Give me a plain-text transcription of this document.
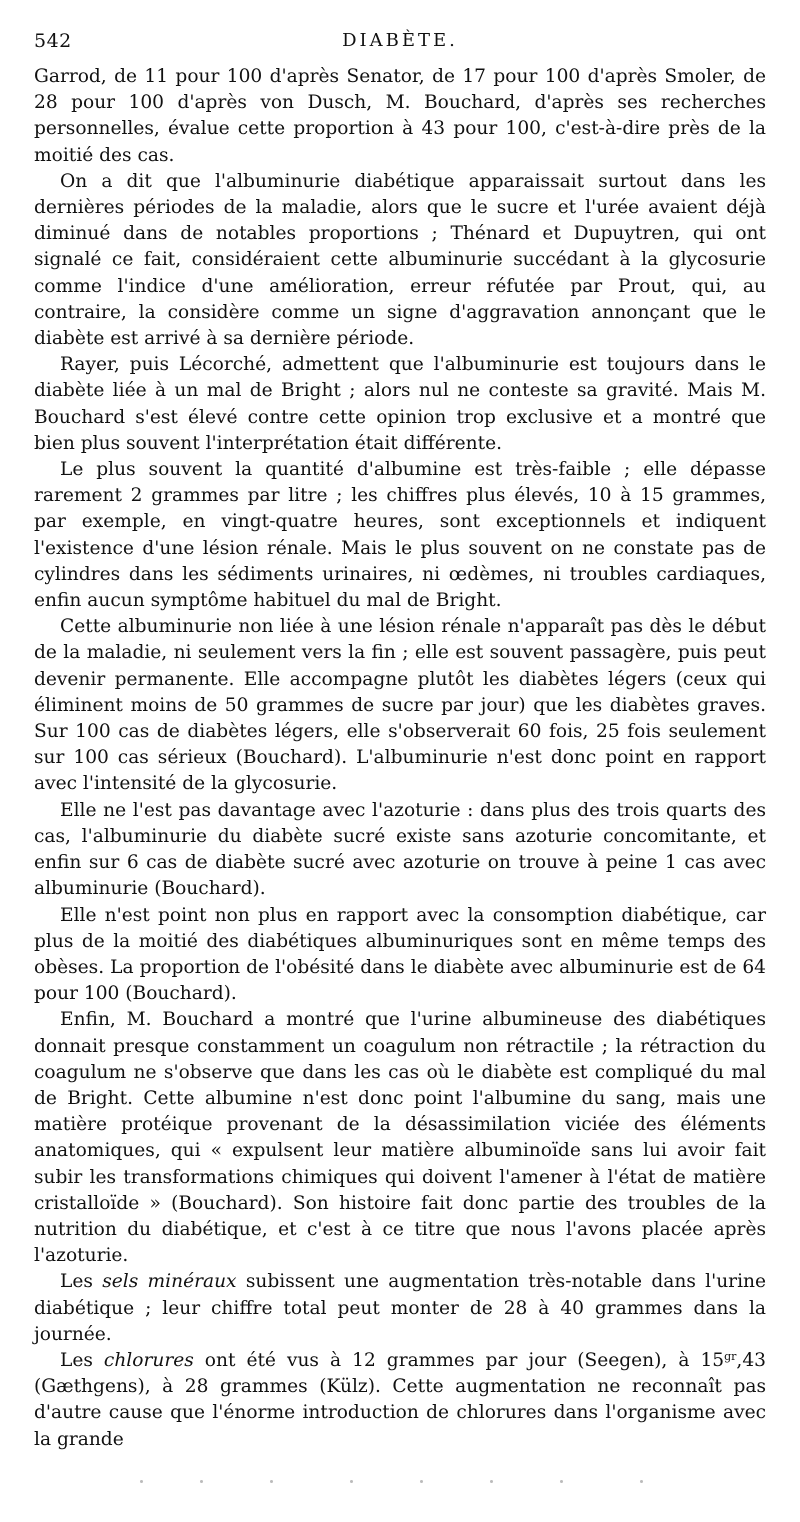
542	DIABÈTE.

Garrod, de 11 pour 100 d'après Senator, de 17 pour 100 d'après Smoler, de 28 pour 100 d'après von Dusch, M. Bouchard, d'après ses recherches personnelles, évalue cette proportion à 43 pour 100, c'est-à-dire près de la moitié des cas.

On a dit que l'albuminurie diabétique apparaissait surtout dans les dernières périodes de la maladie, alors que le sucre et l'urée avaient déjà diminué dans de notables proportions ; Thénard et Dupuytren, qui ont signalé ce fait, considéraient cette albuminurie succédant à la glycosurie comme l'indice d'une amélioration, erreur réfutée par Prout, qui, au contraire, la considère comme un signe d'aggravation annonçant que le diabète est arrivé à sa dernière période.

Rayer, puis Lécorché, admettent que l'albuminurie est toujours dans le diabète liée à un mal de Bright ; alors nul ne conteste sa gravité. Mais M. Bouchard s'est élevé contre cette opinion trop exclusive et a montré que bien plus souvent l'interprétation était différente.

Le plus souvent la quantité d'albumine est très-faible ; elle dépasse rarement 2 grammes par litre ; les chiffres plus élevés, 10 à 15 grammes, par exemple, en vingt-quatre heures, sont exceptionnels et indiquent l'existence d'une lésion rénale. Mais le plus souvent on ne constate pas de cylindres dans les sédiments urinaires, ni œdèmes, ni troubles cardiaques, enfin aucun symptôme habituel du mal de Bright.

Cette albuminurie non liée à une lésion rénale n'apparaît pas dès le début de la maladie, ni seulement vers la fin ; elle est souvent passagère, puis peut devenir permanente. Elle accompagne plutôt les diabètes légers (ceux qui éliminent moins de 50 grammes de sucre par jour) que les diabètes graves. Sur 100 cas de diabètes légers, elle s'observerait 60 fois, 25 fois seulement sur 100 cas sérieux (Bouchard). L'albuminurie n'est donc point en rapport avec l'intensité de la glycosurie.

Elle ne l'est pas davantage avec l'azoturie : dans plus des trois quarts des cas, l'albuminurie du diabète sucré existe sans azoturie concomitante, et enfin sur 6 cas de diabète sucré avec azoturie on trouve à peine 1 cas avec albuminurie (Bouchard).

Elle n'est point non plus en rapport avec la consomption diabétique, car plus de la moitié des diabétiques albuminuriques sont en même temps des obèses. La proportion de l'obésité dans le diabète avec albuminurie est de 64 pour 100 (Bouchard).

Enfin, M. Bouchard a montré que l'urine albumineuse des diabétiques donnait presque constamment un coagulum non rétractile ; la rétraction du coagulum ne s'observe que dans les cas où le diabète est compliqué du mal de Bright. Cette albumine n'est donc point l'albumine du sang, mais une matière protéique provenant de la désassimilation viciée des éléments anatomiques, qui « expulsent leur matière albuminoïde sans lui avoir fait subir les transformations chimiques qui doivent l'amener à l'état de matière cristalloïde » (Bouchard). Son histoire fait donc partie des troubles de la nutrition du diabétique, et c'est à ce titre que nous l'avons placée après l'azoturie.

Les sels minéraux subissent une augmentation très-notable dans l'urine diabétique ; leur chiffre total peut monter de 28 à 40 grammes dans la journée.

Les chlorures ont été vus à 12 grammes par jour (Seegen), à $15^{gr},43$ (Gæthgens), à 28 grammes (Külz). Cette augmentation ne reconnaît pas d'autre cause que l'énorme introduction de chlorures dans l'organisme avec la grande
